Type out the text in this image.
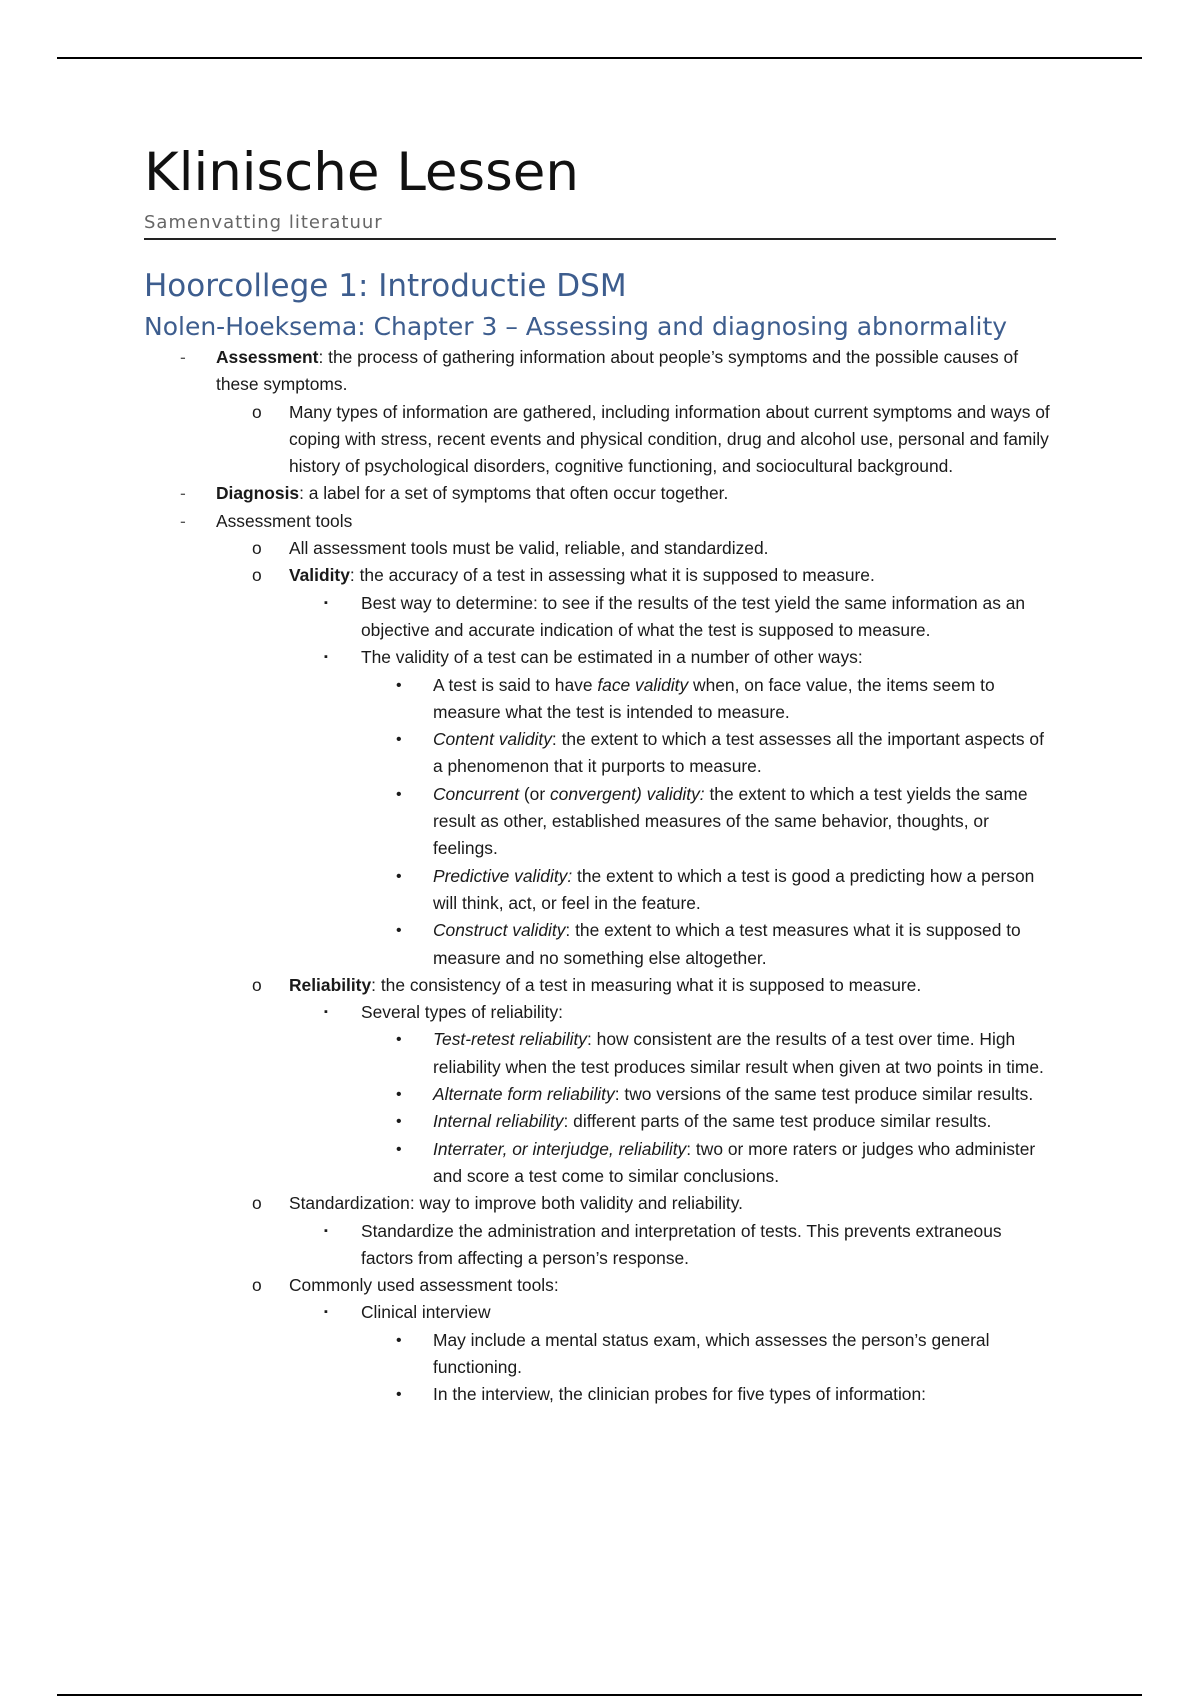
Klinische Lessen
Samenvatting literatuur
Hoorcollege 1: Introductie DSM
Nolen-Hoeksema: Chapter 3 – Assessing and diagnosing abnormality
- Assessment: the process of gathering information about people’s symptoms and the possible causes of these symptoms.
o Many types of information are gathered, including information about current symptoms and ways of coping with stress, recent events and physical condition, drug and alcohol use, personal and family history of psychological disorders, cognitive functioning, and sociocultural background.
- Diagnosis: a label for a set of symptoms that often occur together.
- Assessment tools
o All assessment tools must be valid, reliable, and standardized.
o Validity: the accuracy of a test in assessing what it is supposed to measure.
▪ Best way to determine: to see if the results of the test yield the same information as an objective and accurate indication of what the test is supposed to measure.
▪ The validity of a test can be estimated in a number of other ways:
• A test is said to have face validity when, on face value, the items seem to measure what the test is intended to measure.
• Content validity: the extent to which a test assesses all the important aspects of a phenomenon that it purports to measure.
• Concurrent (or convergent) validity: the extent to which a test yields the same result as other, established measures of the same behavior, thoughts, or feelings.
• Predictive validity: the extent to which a test is good a predicting how a person will think, act, or feel in the feature.
• Construct validity: the extent to which a test measures what it is supposed to measure and no something else altogether.
o Reliability: the consistency of a test in measuring what it is supposed to measure.
▪ Several types of reliability:
• Test-retest reliability: how consistent are the results of a test over time. High reliability when the test produces similar result when given at two points in time.
• Alternate form reliability: two versions of the same test produce similar results.
• Internal reliability: different parts of the same test produce similar results.
• Interrater, or interjudge, reliability: two or more raters or judges who administer and score a test come to similar conclusions.
o Standardization: way to improve both validity and reliability.
▪ Standardize the administration and interpretation of tests. This prevents extraneous factors from affecting a person’s response.
o Commonly used assessment tools:
▪ Clinical interview
• May include a mental status exam, which assesses the person’s general functioning.
• In the interview, the clinician probes for five types of information:
